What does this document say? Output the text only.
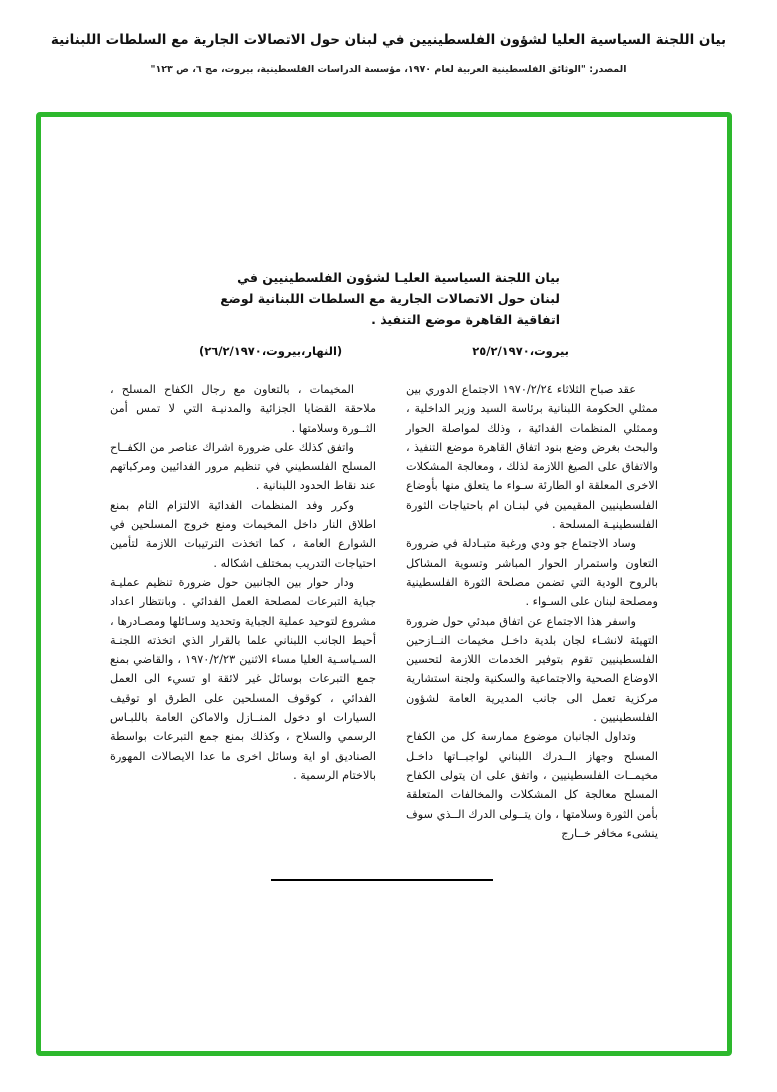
بيان اللجنة السياسية العليا لشؤون الفلسطينيين في لبنان حول الاتصالات الجارية مع السلطات اللبنانية
المصدر: "الوثائق الفلسطينية العربية لعام ١٩٧٠، مؤسسة الدراسات الفلسطينية، بيروت، مج ٦، ص ١٢٣"
بيان اللجنة السياسية العليـا لشؤون الفلسطينيين في
لبنان حول الاتصالات الجارية مع السلطات اللبنانية لوضع
اتفاقية القاهرة موضع التنفيذ .
بيروت،٢٥/٢/١٩٧٠
(النهار،بيروت،٢٦/٢/١٩٧٠)

عقد صباح الثلاثاء ١٩٧٠/٢/٢٤ الاجتماع الدوري بين ممثلي الحكومة اللبنانية برئاسة السيد وزير الداخلية ، وممثلي المنظمات الفدائية ، وذلك لمواصلة الحوار والبحث بغرض وضع بنود اتفاق القاهرة موضع التنفيذ ، والاتفاق على الصيغ اللازمة لذلك ، ومعالجة المشكلات الاخرى المعلقة او الطارئة سـواء ما يتعلق منها بأوضاع الفلسطينيين المقيمين في لبنـان ام باحتياجات الثورة الفلسطينيـة المسلحة .

وساد الاجتماع جو ودي ورغبة متبـادلة في ضرورة التعاون واستمرار الحوار المباشر وتسوية المشاكل بالروح الودية التي تضمن مصلحة الثورة الفلسطينية ومصلحة لبنان على السـواء .

واسفر هذا الاجتماع عن اتفاق مبدئي حول ضرورة التهيئة لانشـاء لجان بلدية داخـل مخيمات النــازحين الفلسطينيين تقوم بتوفير الخدمات اللازمة لتحسين الاوضاع الصحية والاجتماعية والسكنية ولجنة استشارية مركزية تعمل الى جانب المديرية العامة لشؤون الفلسطينيين .

وتداول الجانبان موضوع ممارسة كل من الكفاح المسلح وجهاز الــدرك اللبناني لواجبــاتها داخـل مخيمــات الفلسطينيين ، واتفق على ان يتولى الكفاح المسلح معالجة كل المشكلات والمخالفات المتعلقة بأمن الثورة وسلامتها ، وان يتــولى الدرك الــذي سوف ينشىء مخافر خــارج

المخيمات ، بالتعاون مع رجال الكفاح المسلح ، ملاحقة القضايا الجزائية والمدنيـة التي لا تمس أمن الثــورة وسلامتها .

واتفق كذلك على ضرورة اشراك عناصر من الكفــاح المسلح الفلسطيني في تنظيم مرور الفدائيين ومركباتهم عند نقاط الحدود اللبنانية .

وكرر وفد المنظمات الفدائية الالتزام التام بمنع اطلاق النار داخل المخيمات ومنع خروج المسلحين في الشوارع العامة ، كما اتخذت الترتيبات اللازمة لتأمين احتياجات التدريب بمختلف اشكاله .

ودار حوار بين الجانبين حول ضرورة تنظيم عمليـة جباية التبرعات لمصلحة العمل الفدائي . وبانتظار اعداد مشروع لتوحيد عملية الجباية وتحديد وسـائلها ومصـادرها ، أحيط الجانب اللبناني علما بالقرار الذي اتخذته اللجنـة السـياسـية العليا مساء الاثنين ١٩٧٠/٢/٢٣ ، والقاضي بمنع جمع التبرعات بوسائل غير لائقة او تسيء الى العمل الفدائي ، كوقوف المسلحين على الطرق او توقيف السيارات او دخول المنــازل والاماكن العامة باللبـاس الرسمي والسلاح ، وكذلك بمنع جمع التبرعات بواسطة الصناديق او اية وسائل اخرى ما عدا الايصالات المهورة بالاختام الرسمية .
